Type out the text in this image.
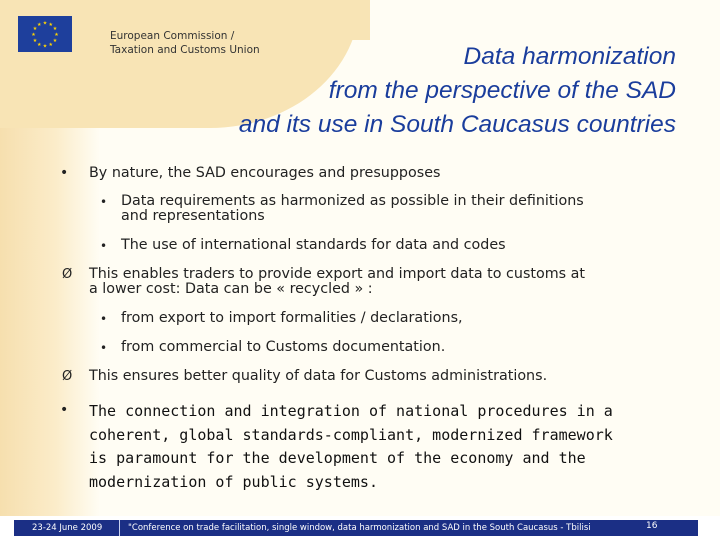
★ ★
★
★
★
★
★
★
★
★
★
★
European Commission /
Taxation and Customs Union	Data harmonization
from the perspective of the SAD
and its use in South Caucasus countries
• By nature, the SAD encourages and presupposes
• Data requirements as harmonized as possible in their definitions
and representations
• The use of international standards for data and codes
Ø This enables traders to provide export and import data to customs at
a lower cost: Data can be « recycled » :
• from export to import formalities / declarations,
• from commercial to Customs documentation.
Ø This ensures better quality of data for Customs administrations.
• The connection and integration of national procedures in a
coherent, global standards-compliant, modernized framework
is paramount for the development of the economy and the
modernization of public systems.
23-24 June 2009	"Conference on trade facilitation, single window, data harmonization and SAD in the South Caucasus - Tbilisi	16
